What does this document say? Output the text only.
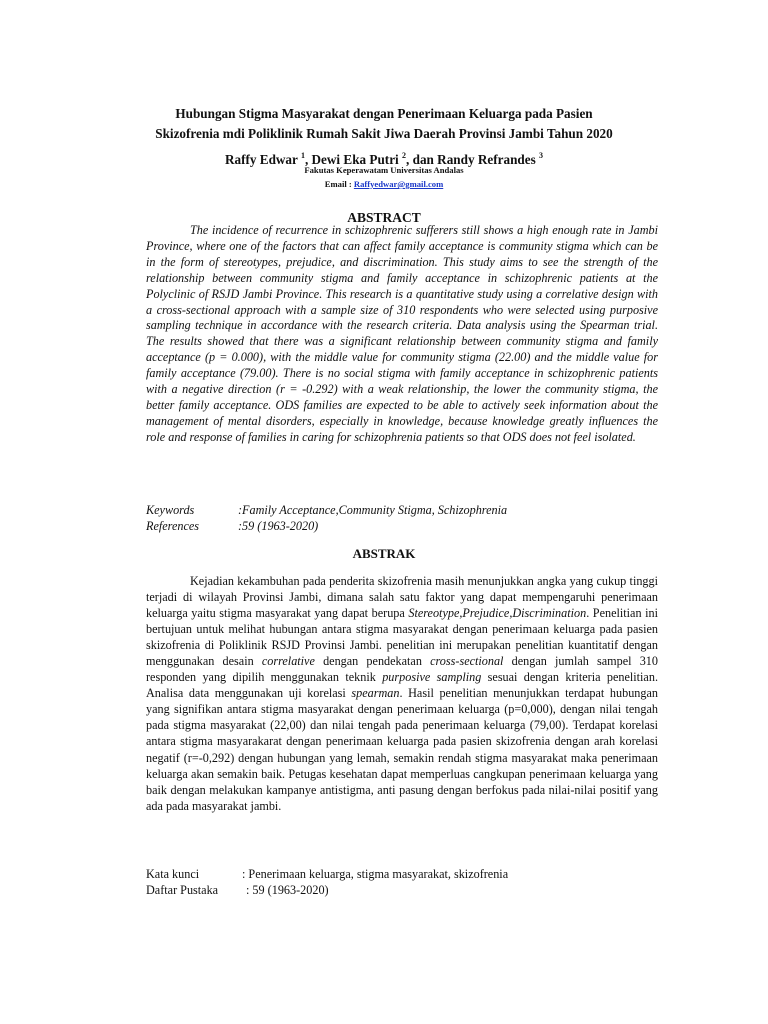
Hubungan Stigma Masyarakat dengan Penerimaan Keluarga pada Pasien
Skizofrenia mdi Poliklinik Rumah Sakit Jiwa Daerah Provinsi Jambi Tahun 2020

Raffy Edwar $^1$, Dewi Eka Putri $^2$, dan Randy Refrandes $^3$

Fakutas Keperawatam Universitas Andalas

Email : Raffyedwar@gmail.com

ABSTRACT

The incidence of recurrence in schizophrenic sufferers still shows a high enough rate in Jambi Province, where one of the factors that can affect family acceptance is community stigma which can be in the form of stereotypes, prejudice, and discrimination. This study aims to see the strength of the relationship between community stigma and family acceptance in schizophrenic patients at the Polyclinic of RSJD Jambi Province. This research is a quantitative study using a correlative design with a cross-sectional approach with a sample size of 310 respondents who were selected using purposive sampling technique in accordance with the research criteria. Data analysis using the Spearman trial. The results showed that there was a significant relationship between community stigma and family acceptance (p = 0.000), with the middle value for community stigma (22.00) and the middle value for family acceptance (79.00). There is no social stigma with family acceptance in schizophrenic patients with a negative direction (r = -0.292) with a weak relationship, the lower the community stigma, the better family acceptance. ODS families are expected to be able to actively seek information about the management of mental disorders, especially in knowledge, because knowledge greatly influences the role and response of families in caring for schizophrenia patients so that ODS does not feel isolated.

Keywords	:Family Acceptance,Community Stigma, Schizophrenia

References	:59 (1963-2020)

ABSTRAK

Kejadian kekambuhan pada penderita skizofrenia masih menunjukkan angka yang cukup tinggi terjadi di wilayah Provinsi Jambi, dimana salah satu faktor yang dapat mempengaruhi penerimaan keluarga yaitu stigma masyarakat yang dapat berupa Stereotype,Prejudice,Discrimination. Penelitian ini bertujuan untuk melihat hubungan antara stigma masyarakat dengan penerimaan keluarga pada pasien skizofrenia di Poliklinik RSJD Provinsi Jambi. penelitian ini merupakan penelitian kuantitatif dengan menggunakan desain correlative dengan pendekatan cross-sectional dengan jumlah sampel 310 responden yang dipilih menggunakan teknik purposive sampling sesuai dengan kriteria penelitian. Analisa data menggunakan uji korelasi spearman. Hasil penelitian menunjukkan terdapat hubungan yang signifikan antara stigma masyarakat dengan penerimaan keluarga (p=0,000), dengan nilai tengah pada stigma masyarakat (22,00) dan nilai tengah pada penerimaan keluarga (79,00). Terdapat korelasi antara stigma masyarakarat dengan penerimaan keluarga pada pasien skizofrenia dengan arah korelasi negatif (r=-0,292) dengan hubungan yang lemah, semakin rendah stigma masyarakat maka penerimaan keluarga akan semakin baik. Petugas kesehatan dapat memperluas cangkupan penerimaan keluarga yang baik dengan melakukan kampanye antistigma, anti pasung dengan berfokus pada nilai-nilai positif yang ada pada masyarakat jambi.

Kata kunci	: Penerimaan keluarga, stigma masyarakat, skizofrenia

Daftar Pustaka : 59 (1963-2020)
